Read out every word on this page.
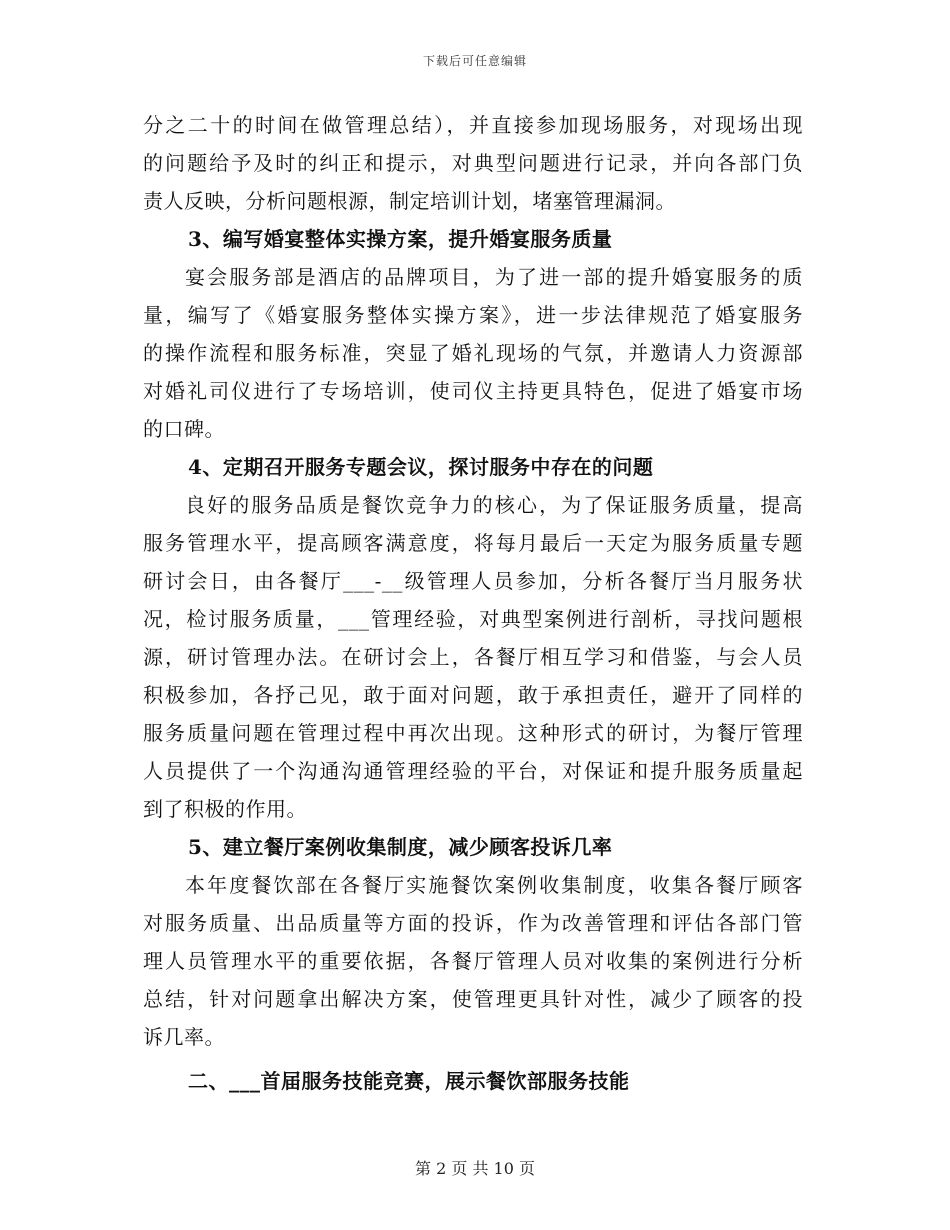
下载后可任意编辑
分之二十的时间在做管理总结），并直接参加现场服务，对现场出现
的问题给予及时的纠正和提示，对典型问题进行记录，并向各部门负
责人反映，分析问题根源，制定培训计划，堵塞管理漏洞。
3、编写婚宴整体实操方案，提升婚宴服务质量
宴会服务部是酒店的品牌项目，为了进一部的提升婚宴服务的质
量，编写了《婚宴服务整体实操方案》，进一步法律规范了婚宴服务
的操作流程和服务标准，突显了婚礼现场的气氛，并邀请人力资源部
对婚礼司仪进行了专场培训，使司仪主持更具特色，促进了婚宴市场
的口碑。
4、定期召开服务专题会议，探讨服务中存在的问题
良好的服务品质是餐饮竞争力的核心，为了保证服务质量，提高
服务管理水平，提高顾客满意度，将每月最后一天定为服务质量专题
研讨会日，由各餐厅___-__级管理人员参加，分析各餐厅当月服务状
况，检讨服务质量，___管理经验，对典型案例进行剖析，寻找问题根
源，研讨管理办法。在研讨会上，各餐厅相互学习和借鉴，与会人员
积极参加，各抒己见，敢于面对问题，敢于承担责任，避开了同样的
服务质量问题在管理过程中再次出现。这种形式的研讨，为餐厅管理
人员提供了一个沟通沟通管理经验的平台，对保证和提升服务质量起
到了积极的作用。
5、建立餐厅案例收集制度，减少顾客投诉几率
本年度餐饮部在各餐厅实施餐饮案例收集制度，收集各餐厅顾客
对服务质量、出品质量等方面的投诉，作为改善管理和评估各部门管
理人员管理水平的重要依据，各餐厅管理人员对收集的案例进行分析
总结，针对问题拿出解决方案，使管理更具针对性，减少了顾客的投
诉几率。
二、___首届服务技能竞赛，展示餐饮部服务技能
第 2 页 共 10 页
